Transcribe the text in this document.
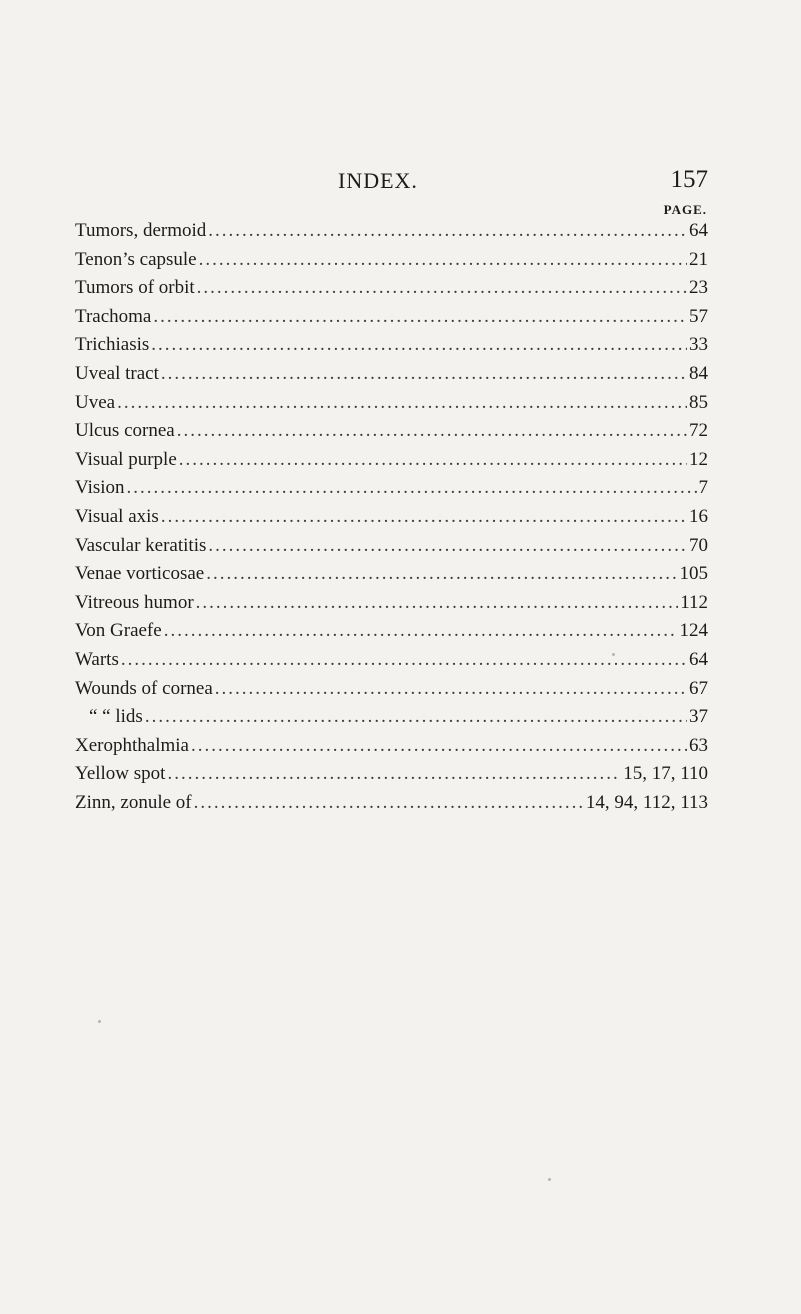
INDEX.	157
PAGE.
Tumors, dermoid .....	64
Tenon’s capsule .....	21
Tumors of orbit .....	23
Trachoma .....	57
Trichiasis .....	33
Uveal tract .....	84
Uvea .....	85
Ulcus cornea .....	72
Visual purple .....	12
Vision .....	7
Visual axis .....	16
Vascular keratitis .....	70
Venae vorticosae .....	105
Vitreous humor .....	112
Von Graefe .....	124
Warts .....	64
Wounds of cornea .....	67
“ “ lids .....	37
Xerophthalmia .....	63
Yellow spot .....	15, 17, 110
Zinn, zonule of .....	14, 94, 112, 113
